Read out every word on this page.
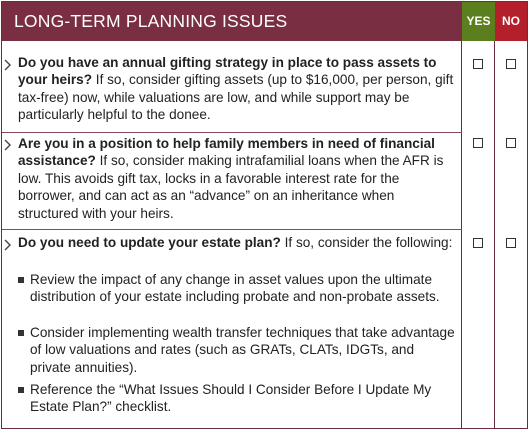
LONG-TERM PLANNING ISSUES	YES NO

Do you have an annual gifting strategy in place to pass assets to your heirs? If so, consider gifting assets (up to $16,000, per person, gift tax-free) now, while valuations are low, and while support may be particularly helpful to the donee.

Are you in a position to help family members in need of financial assistance? If so, consider making intrafamilial loans when the AFR is low. This avoids gift tax, locks in a favorable interest rate for the borrower, and can act as an “advance” on an inheritance when structured with your heirs.

Do you need to update your estate plan? If so, consider the following:

Review the impact of any change in asset values upon the ultimate distribution of your estate including probate and non-probate assets.
Consider implementing wealth transfer techniques that take advantage of low valuations and rates (such as GRATs, CLATs, IDGTs, and private annuities).
Reference the “What Issues Should I Consider Before I Update My Estate Plan?” checklist.
